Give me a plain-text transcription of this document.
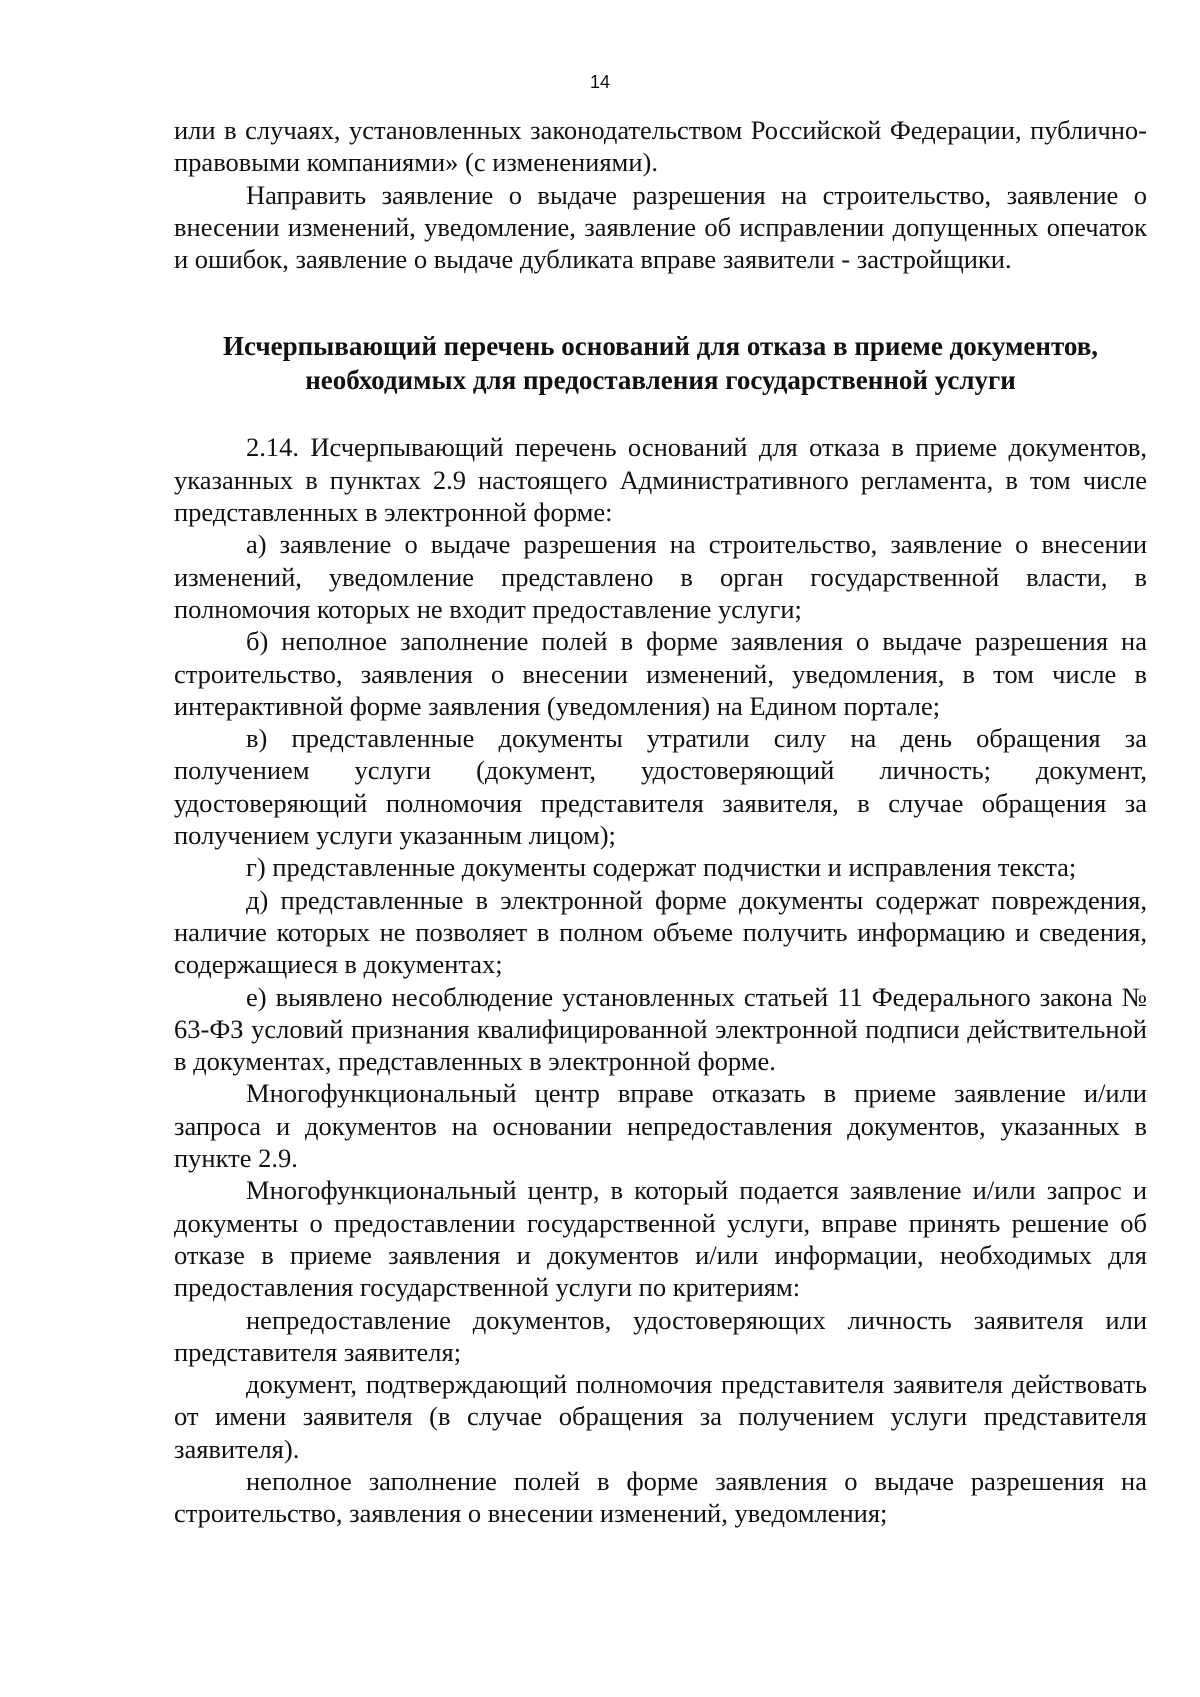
14

или в случаях, установленных законодательством Российской Федерации, публично-правовыми компаниями» (с изменениями).

Направить заявление о выдаче разрешения на строительство, заявление о внесении изменений, уведомление, заявление об исправлении допущенных опечаток и ошибок, заявление о выдаче дубликата вправе заявители - застройщики.

Исчерпывающий перечень оснований для отказа в приеме документов,
необходимых для предоставления государственной услуги

2.14. Исчерпывающий перечень оснований для отказа в приеме документов, указанных в пунктах 2.9 настоящего Административного регламента, в том числе представленных в электронной форме:

а) заявление о выдаче разрешения на строительство, заявление о внесении изменений, уведомление представлено в орган государственной власти, в полномочия которых не входит предоставление услуги;

б) неполное заполнение полей в форме заявления о выдаче разрешения на строительство, заявления о внесении изменений, уведомления, в том числе в интерактивной форме заявления (уведомления) на Едином портале;

в) представленные документы утратили силу на день обращения за получением услуги (документ, удостоверяющий личность; документ, удостоверяющий полномочия представителя заявителя, в случае обращения за получением услуги указанным лицом);

г) представленные документы содержат подчистки и исправления текста;

д) представленные в электронной форме документы содержат повреждения, наличие которых не позволяет в полном объеме получить информацию и сведения, содержащиеся в документах;

е) выявлено несоблюдение установленных статьей 11 Федерального закона № 63-ФЗ условий признания квалифицированной электронной подписи действительной в документах, представленных в электронной форме.

Многофункциональный центр вправе отказать в приеме заявление и/или запроса и документов на основании непредоставления документов, указанных в пункте 2.9.

Многофункциональный центр, в который подается заявление и/или запрос и документы о предоставлении государственной услуги, вправе принять решение об отказе в приеме заявления и документов и/или информации, необходимых для предоставления государственной услуги по критериям:

непредоставление документов, удостоверяющих личность заявителя или представителя заявителя;

документ, подтверждающий полномочия представителя заявителя действовать от имени заявителя (в случае обращения за получением услуги представителя заявителя).

неполное заполнение полей в форме заявления о выдаче разрешения на строительство, заявления о внесении изменений, уведомления;
